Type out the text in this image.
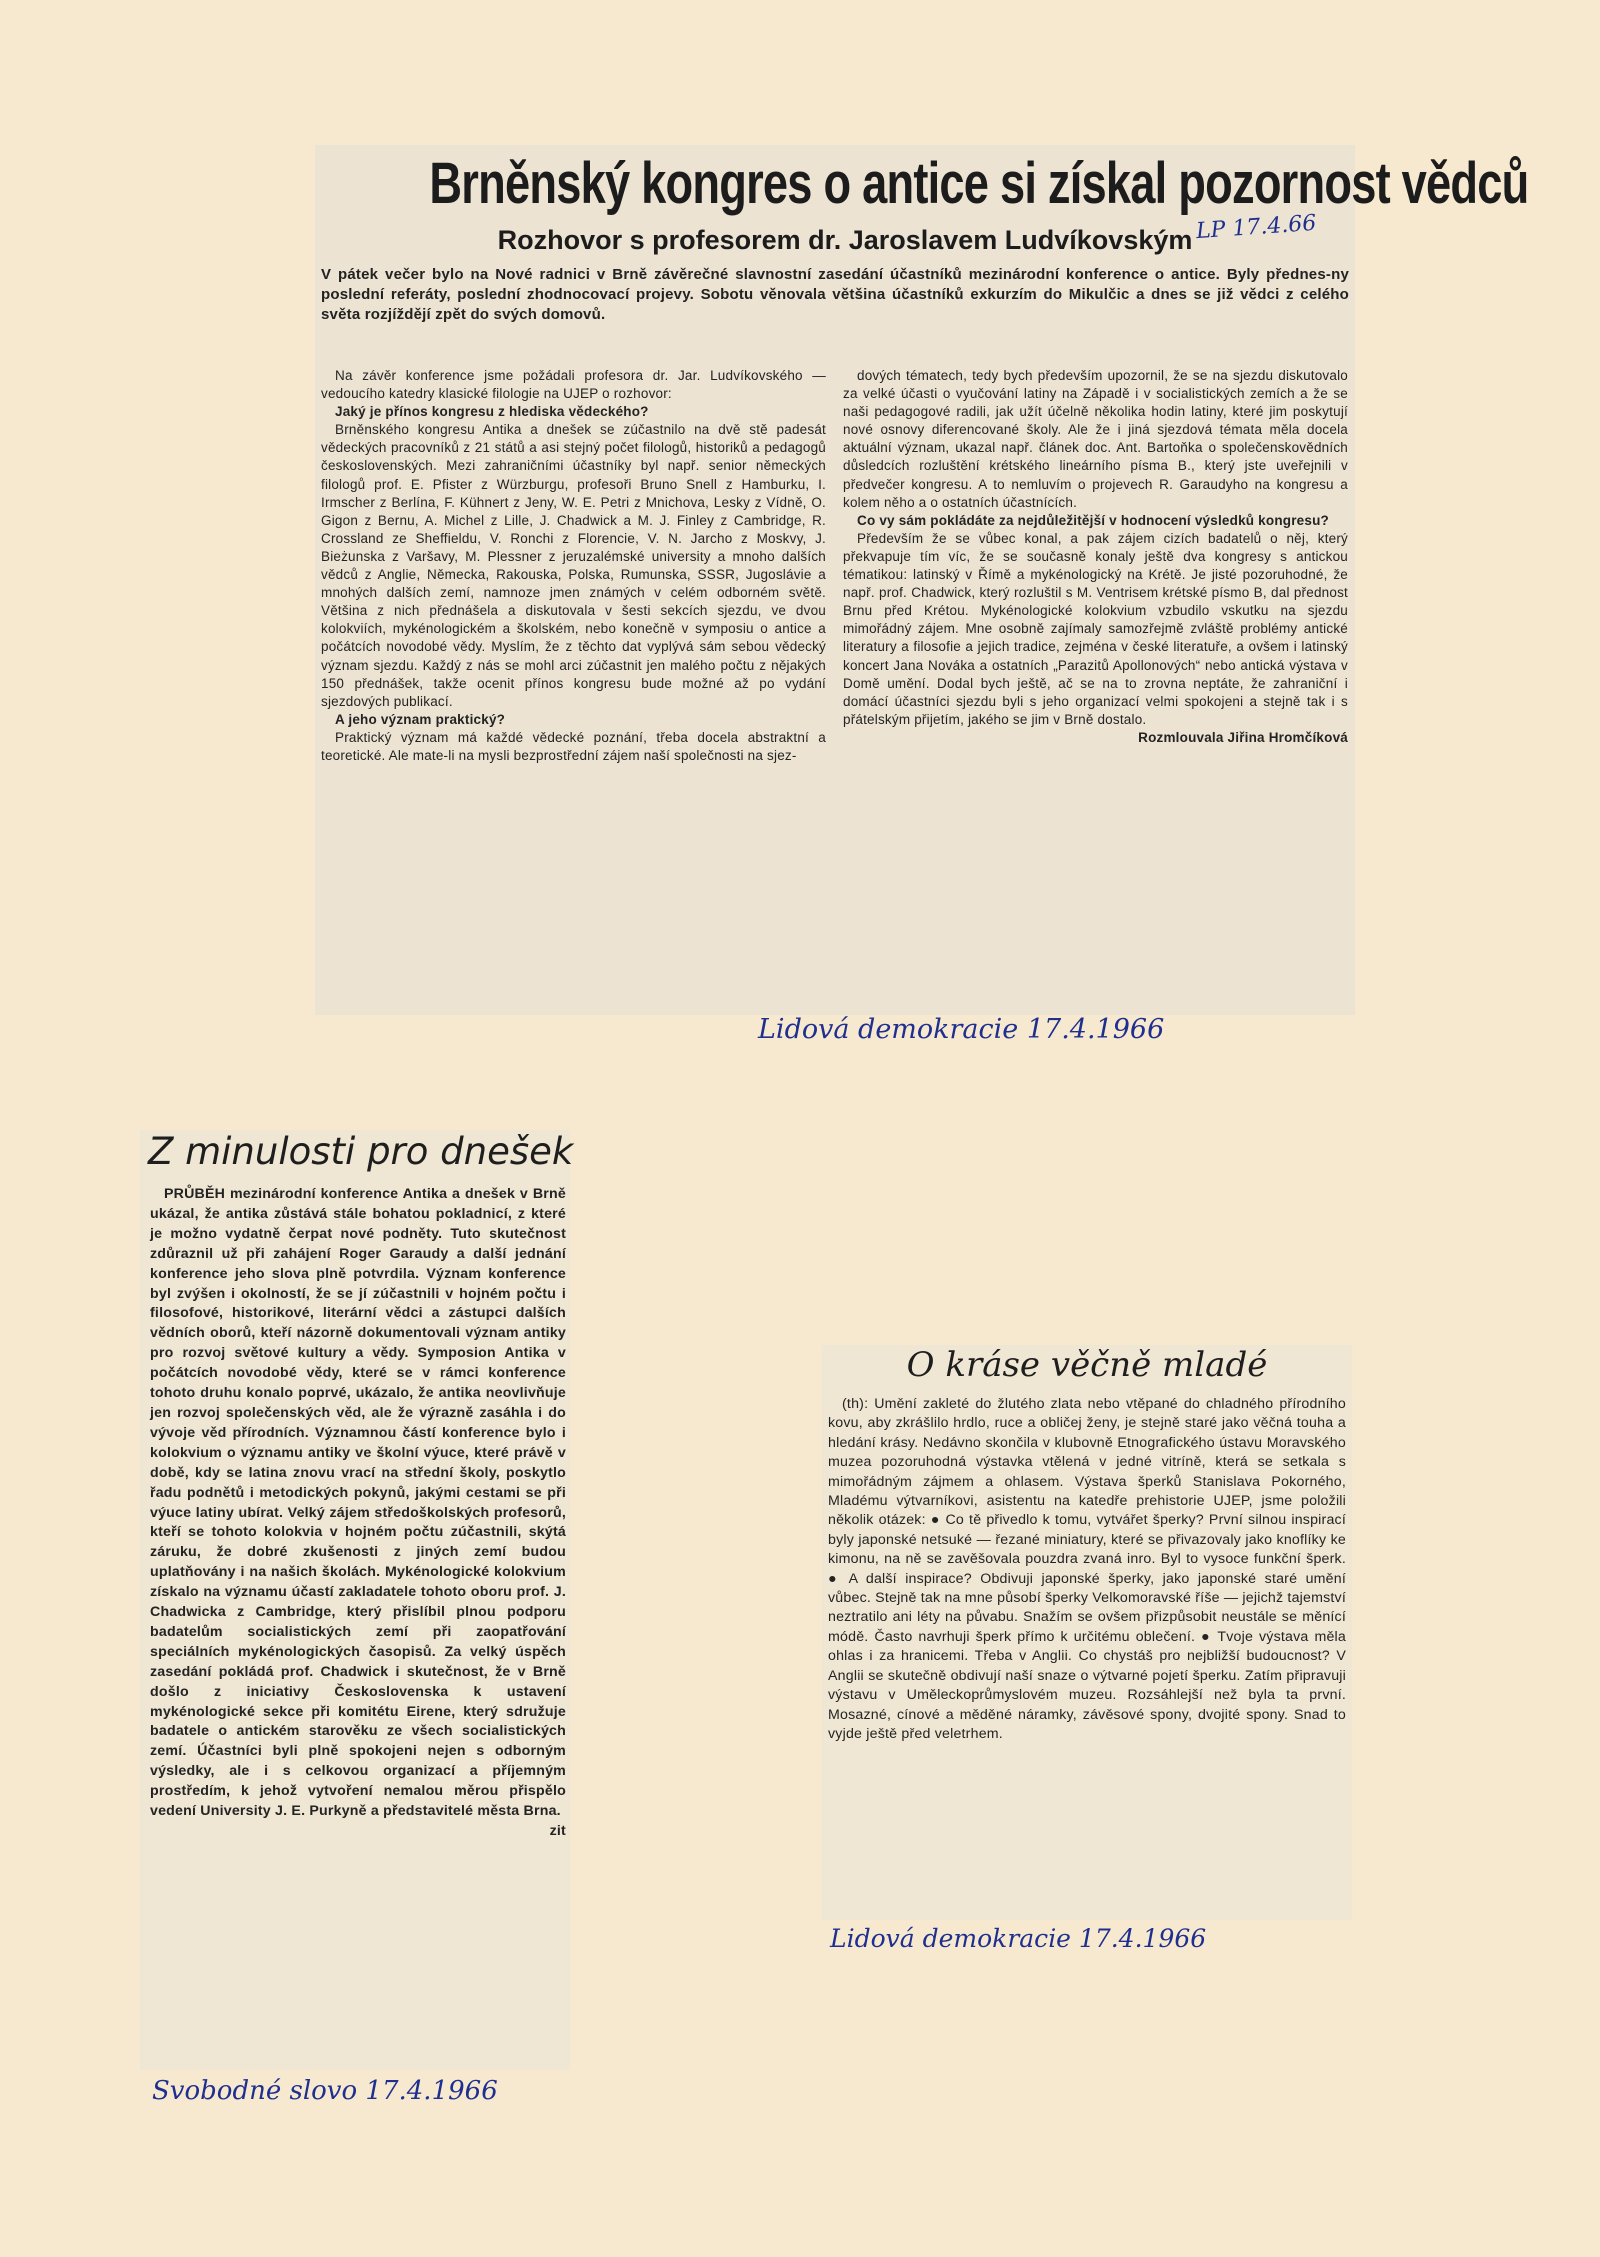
Brněnský kongres o antice si získal pozornost vědců
Rozhovor s profesorem dr. Jaroslavem Ludvíkovským
V pátek večer bylo na Nové radnici v Brně závěrečné slavnostní zasedání účastníků mezinárodní konference o antice. Byly přednes-ny poslední referáty, poslední zhodnocovací projevy. Sobotu věnovala většina účastníků exkurzím do Mikulčic a dnes se již vědci z celého světa rozjíždějí zpět do svých domovů.

Na závěr konference jsme požádali profesora dr. Jar. Ludvíkovského — vedoucího katedry klasické filologie na UJEP o rozhovor:

Jaký je přínos kongresu z hlediska vědeckého?

Brněnského kongresu Antika a dnešek se zúčastnilo na dvě stě padesát vědeckých pracovníků z 21 států a asi stejný počet filologů, historiků a pedagogů československých. Mezi zahraničními účastníky byl např. senior německých filologů prof. E. Pfister z Würzburgu, profesoři Bruno Snell z Hamburku, I. Irmscher z Berlína, F. Kühnert z Jeny, W. E. Petri z Mnichova, Lesky z Vídně, O. Gigon z Bernu, A. Michel z Lille, J. Chadwick a M. J. Finley z Cambridge, R. Crossland ze Sheffieldu, V. Ronchi z Florencie, V. N. Jarcho z Moskvy, J. Bieżunska z Varšavy, M. Plessner z jeruzalémské university a mnoho dalších vědců z Anglie, Německa, Rakouska, Polska, Rumunska, SSSR, Jugoslávie a mnohých dalších zemí, namnoze jmen známých v celém odborném světě. Většina z nich přednášela a diskutovala v šesti sekcích sjezdu, ve dvou kolokviích, mykénologickém a školském, nebo konečně v symposiu o antice a počátcích novodobé vědy. Myslím, že z těchto dat vyplývá sám sebou vědecký význam sjezdu. Každý z nás se mohl arci zúčastnit jen malého počtu z nějakých 150 přednášek, takže ocenit přínos kongresu bude možné až po vydání sjezdových publikací.

A jeho význam praktický?

Praktický význam má každé vědecké poznání, třeba docela abstraktní a teoretické. Ale mate-li na mysli bezprostřední zájem naší společnosti na sjez-

dových tématech, tedy bych především upozornil, že se na sjezdu diskutovalo za velké účasti o vyučování latiny na Západě i v socialistických zemích a že se naši pedagogové radili, jak užít účelně několika hodin latiny, které jim poskytují nové osnovy diferencované školy. Ale že i jiná sjezdová témata měla docela aktuální význam, ukazal např. článek doc. Ant. Bartoňka o společenskovědních důsledcích rozluštění krétského lineárního písma B., který jste uveřejnili v předvečer kongresu. A to nemluvím o projevech R. Garaudyho na kongresu a kolem něho a o ostatních účastnících.

Co vy sám pokládáte za nejdůležitější v hodnocení výsledků kongresu?

Především že se vůbec konal, a pak zájem cizích badatelů o něj, který překvapuje tím víc, že se současně konaly ještě dva kongresy s antickou tématikou: latinský v Římě a mykénologický na Krétě. Je jisté pozoruhodné, že např. prof. Chadwick, který rozluštil s M. Ventrisem krétské písmo B, dal přednost Brnu před Krétou. Mykénologické kolokvium vzbudilo vskutku na sjezdu mimořádný zájem. Mne osobně zajímaly samozřejmě zvláště problémy antické literatury a filosofie a jejich tradice, zejména v české literatuře, a ovšem i latinský koncert Jana Nováka a ostatních „Parazitů Apollonových“ nebo antická výstava v Domě umění. Dodal bych ještě, ač se na to zrovna neptáte, že zahraniční i domácí účastníci sjezdu byli s jeho organizací velmi spokojeni a stejně tak i s přátelským přijetím, jakého se jim v Brně dostalo.

Rozmlouvala Jiřina Hromčíková

LP 17.4.66
Lidová demokracie 17.4.1966
Z minulosti pro dnešek

PRŮBĚH mezinárodní konference Antika a dnešek v Brně ukázal, že antika zůstává stále bohatou pokladnicí, z které je možno vydatně čerpat nové podněty. Tuto skutečnost zdůraznil už při zahájení Roger Garaudy a další jednání konference jeho slova plně potvrdila. Význam konference byl zvýšen i okolností, že se jí zúčastnili v hojném počtu i filosofové, historikové, literární vědci a zástupci dalších vědních oborů, kteří názorně dokumentovali význam antiky pro rozvoj světové kultury a vědy. Symposion Antika v počátcích novodobé vědy, které se v rámci konference tohoto druhu konalo poprvé, ukázalo, že antika neovlivňuje jen rozvoj společenských věd, ale že výrazně zasáhla i do vývoje věd přírodních. Významnou částí konference bylo i kolokvium o významu antiky ve školní výuce, které právě v době, kdy se latina znovu vrací na střední školy, poskytlo řadu podnětů i metodických pokynů, jakými cestami se při výuce latiny ubírat. Velký zájem středoškolských profesorů, kteří se tohoto kolokvia v hojném počtu zúčastnili, skýtá záruku, že dobré zkušenosti z jiných zemí budou uplatňovány i na našich školách. Mykénologické kolokvium získalo na významu účastí zakladatele tohoto oboru prof. J. Chadwicka z Cambridge, který přislíbil plnou podporu badatelům socialistických zemí při zaopatřování speciálních mykénologických časopisů. Za velký úspěch zasedání pokládá prof. Chadwick i skutečnost, že v Brně došlo z iniciativy Československa k ustavení mykénologické sekce při komitétu Eirene, který sdružuje badatele o antickém starověku ze všech socialistických zemí. Účastníci byli plně spokojeni nejen s odborným výsledky, ale i s celkovou organizací a příjemným prostředím, k jehož vytvoření nemalou měrou přispělo vedení University J. E. Purkyně a představitelé města Brna.

zit

Svobodné slovo 17.4.1966
O kráse věčně mladé

(th): Umění zakleté do žlutého zlata nebo vtěpané do chladného přírodního kovu, aby zkrášlilo hrdlo, ruce a obličej ženy, je stejně staré jako věčná touha a hledání krásy. Nedávno skončila v klubovně Etnografického ústavu Moravského muzea pozoruhodná výstavka vtělená v jedné vitríně, která se setkala s mimořádným zájmem a ohlasem. Výstava šperků Stanislava Pokorného, Mladému výtvarníkovi, asistentu na katedře prehistorie UJEP, jsme položili několik otázek: ● Co tě přivedlo k tomu, vytvářet šperky? První silnou inspirací byly japonské netsuké — řezané miniatury, které se přivazovaly jako knoflíky ke kimonu, na ně se zavěšovala pouzdra zvaná inro. Byl to vysoce funkční šperk. ● A další inspirace? Obdivuji japonské šperky, jako japonské staré umění vůbec. Stejně tak na mne působí šperky Velkomoravské říše — jejichž tajemství neztratilo ani léty na půvabu. Snažím se ovšem přizpůsobit neustále se měnící módě. Často navrhuji šperk přímo k určitému oblečení. ● Tvoje výstava měla ohlas i za hranicemi. Třeba v Anglii. Co chystáš pro nejbližší budoucnost? V Anglii se skutečně obdivují naší snaze o výtvarné pojetí šperku. Zatím připravuji výstavu v Uměleckoprůmyslovém muzeu. Rozsáhlejší než byla ta první. Mosazné, cínové a měděné náramky, závěsové spony, dvojité spony. Snad to vyjde ještě před veletrhem.

Lidová demokracie 17.4.1966
